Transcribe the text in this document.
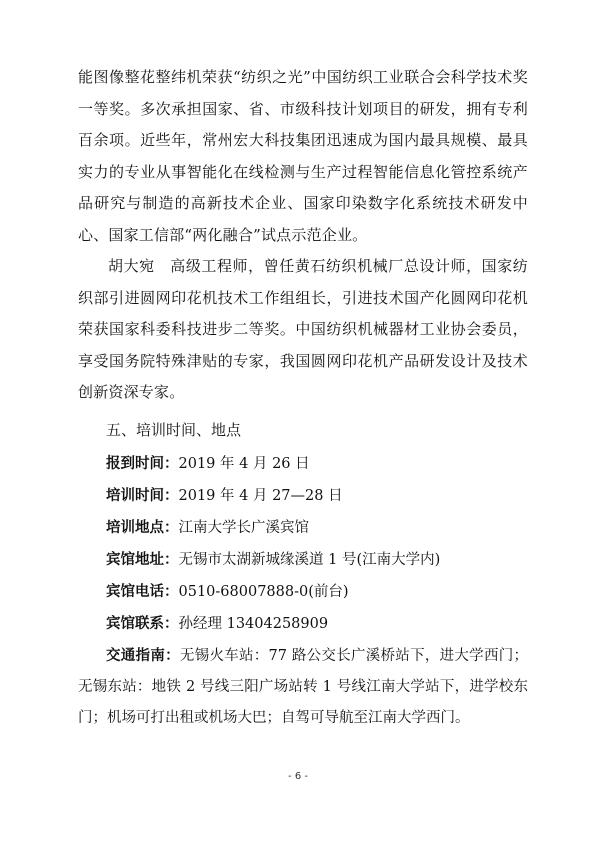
能图像整花整纬机荣获“纺织之光”中国纺织工业联合会科学技术奖一等奖。多次承担国家、省、市级科技计划项目的研发，拥有专利百余项。近些年，常州宏大科技集团迅速成为国内最具规模、最具实力的专业从事智能化在线检测与生产过程智能信息化管控系统产品研究与制造的高新技术企业、国家印染数字化系统技术研发中心、国家工信部“两化融合”试点示范企业。

胡大宛　高级工程师，曾任黄石纺织机械厂总设计师，国家纺织部引进圆网印花机技术工作组组长，引进技术国产化圆网印花机荣获国家科委科技进步二等奖。中国纺织机械器材工业协会委员，享受国务院特殊津贴的专家，我国圆网印花机产品研发设计及技术创新资深专家。

五、培训时间、地点

报到时间：2019 年 4 月 26 日

培训时间：2019 年 4 月 27—28 日

培训地点：江南大学长广溪宾馆

宾馆地址：无锡市太湖新城缘溪道 1 号(江南大学内)

宾馆电话：0510-68007888-0(前台)

宾馆联系：孙经理 13404258909

交通指南：无锡火车站：77 路公交长广溪桥站下，进大学西门；无锡东站：地铁 2 号线三阳广场站转 1 号线江南大学站下，进学校东门；机场可打出租或机场大巴；自驾可导航至江南大学西门。

- 6 -
